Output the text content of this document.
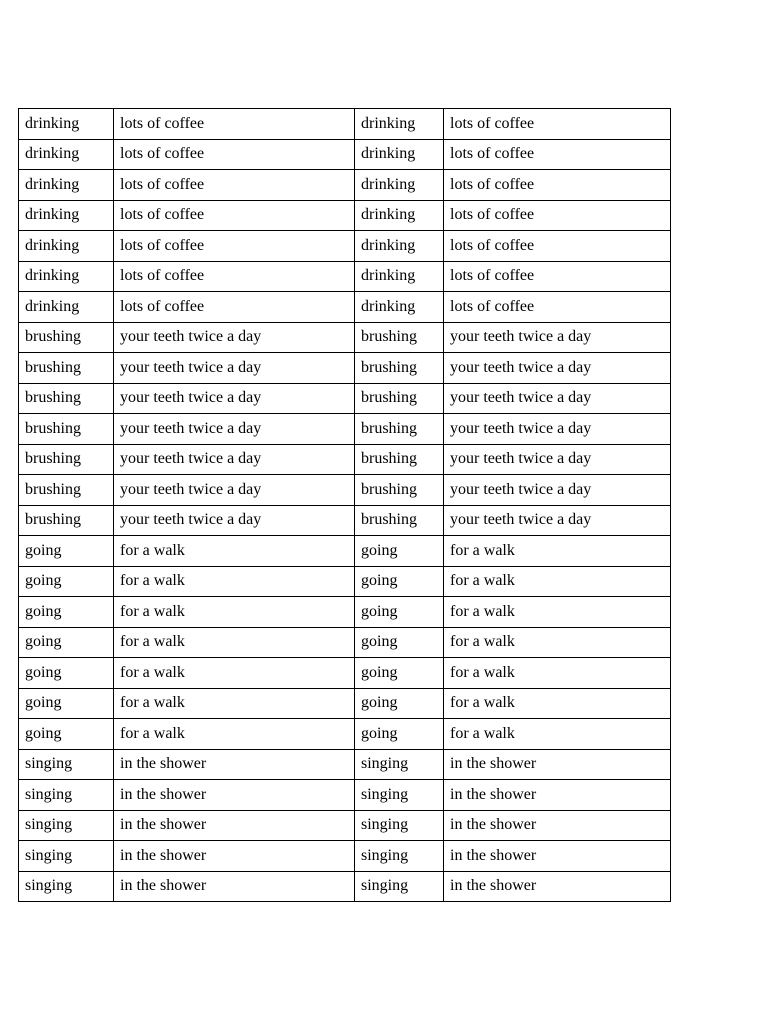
drinking	lots of coffee	drinking	lots of coffee
drinking	lots of coffee	drinking	lots of coffee
drinking	lots of coffee	drinking	lots of coffee
drinking	lots of coffee	drinking	lots of coffee
drinking	lots of coffee	drinking	lots of coffee
drinking	lots of coffee	drinking	lots of coffee
drinking	lots of coffee	drinking	lots of coffee
brushing	your teeth twice a day	brushing	your teeth twice a day
brushing	your teeth twice a day	brushing	your teeth twice a day
brushing	your teeth twice a day	brushing	your teeth twice a day
brushing	your teeth twice a day	brushing	your teeth twice a day
brushing	your teeth twice a day	brushing	your teeth twice a day
brushing	your teeth twice a day	brushing	your teeth twice a day
brushing	your teeth twice a day	brushing	your teeth twice a day
going	for a walk	going	for a walk
going	for a walk	going	for a walk
going	for a walk	going	for a walk
going	for a walk	going	for a walk
going	for a walk	going	for a walk
going	for a walk	going	for a walk
going	for a walk	going	for a walk
singing	in the shower	singing	in the shower
singing	in the shower	singing	in the shower
singing	in the shower	singing	in the shower
singing	in the shower	singing	in the shower
singing	in the shower	singing	in the shower
